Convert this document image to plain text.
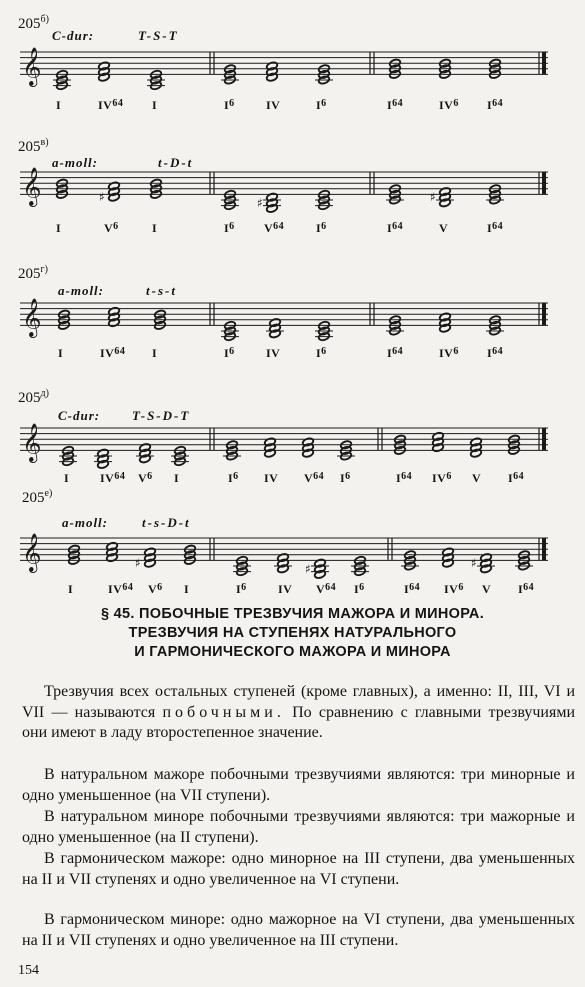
$205^{б)}$
C-dur:	T-S-T
𝄞
I	IV$^{64}$ I	$I^6$	IV	$I^6$	$I^{64}$	$IV^6$ $I^{64}$
$205^{в)}$
a-moll:	t-D-t
𝄞	♯	♯	♯
I	$V^6$	I	$I^6$ $V^{64}$	$I^6$	$I^{64}$	V	$I^{64}$
$205^{г)}$
a-moll:	t-s-t
𝄞
I	IV$^{64}$ I	$I^6$	IV	$I^6$	$I^{64}$	$IV^6$ $I^{64}$
$205^{д)}$
C-dur: T-S-D-T
𝄞
I	IV$^{64}$ $V^6$ I	$I^6$ IV $V^{64}$ $I^6$	$I^{64}$ $IV^6$ V $I^{64}$
$205^{е)}$
a-moll:	t-s-D-t
𝄞	♯	♯	♯
I	IV$^{64}$ $V^6$ I	$I^6$	IV $V^{64}$ $I^6$	$I^{64}$ $IV^6$ V $I^{64}$
§ 45. ПОБОЧНЫЕ ТРЕЗВУЧИЯ МАЖОРА И МИНОРА.
ТРЕЗВУЧИЯ НА СТУПЕНЯХ НАТУРАЛЬНОГО
И ГАРМОНИЧЕСКОГО МАЖОРА И МИНОРА
Трезвучия всех остальных ступеней (кроме главных), а именно: II, III, VI и VII — называются побочными. По сравнению с главными трезвучиями они имеют в ладу второстепенное значение.
В натуральном мажоре побочными трезвучиями являются: три минорные и одно уменьшенное (на VII ступени).
В натуральном миноре побочными трезвучиями являются: три мажорные и одно уменьшенное (на II ступени).
В гармоническом мажоре: одно минорное на III ступени, два уменьшенных на II и VII ступенях и одно увеличенное на VI ступени.
В гармоническом миноре: одно мажорное на VI ступени, два уменьшенных на II и VII ступенях и одно увеличенное на III ступени.
154
